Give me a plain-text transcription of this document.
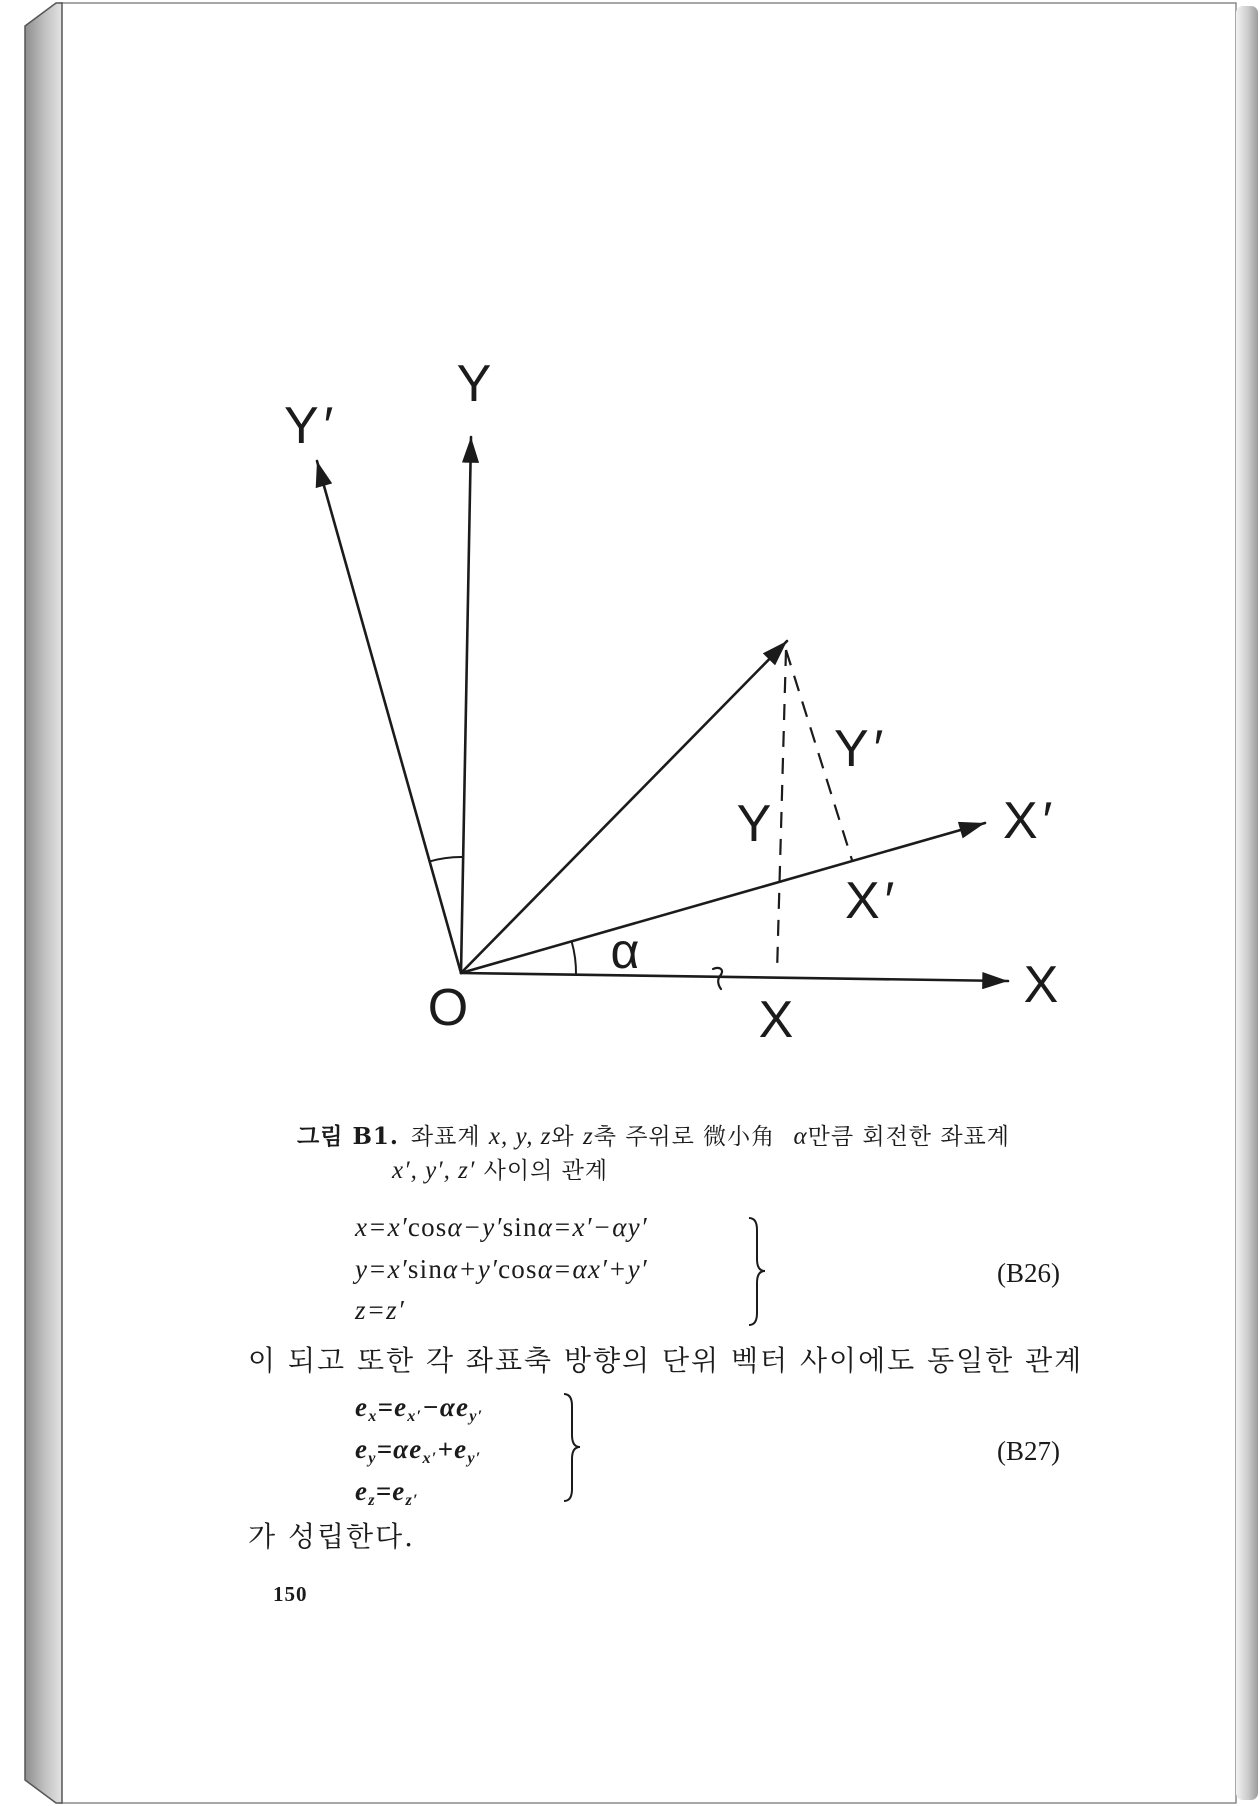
Y′
Y
X
X′
Y
Y′
X′
X
α
O
그림 B1. 좌표계 x, y, z와 z축 주위로 微小角 α만큼 회전한 좌표계
x′, y′, z′ 사이의 관계
x=x′cosα−y′sinα=x′−αy′
y=x′sinα+y′cosα=αx′+y′
z=z′
(B26)
이 되고 또한 각 좌표축 방향의 단위 벡터 사이에도 동일한 관계
$e_x=e_{x'}-\alpha e_{y'}$
$e_y=\alpha e_{x'}+e_{y'}$
$e_z=e_{z'}$
(B27)
가 성립한다.
150
